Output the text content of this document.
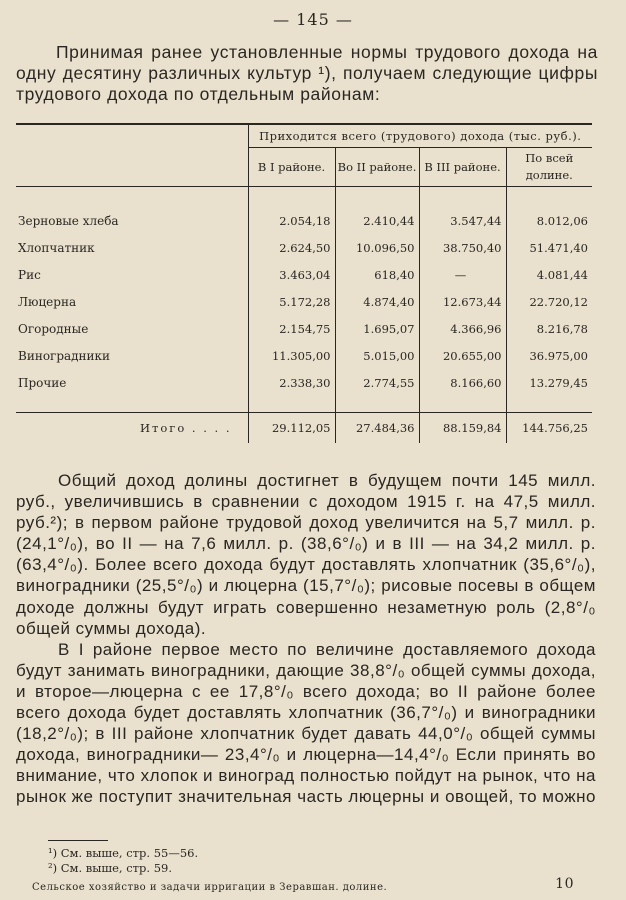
— 145 —

Принимая ранее установленные нормы трудового дохода на одну десятину различных культур ¹), получаем следующие цифры трудового дохода по отдельным районам:

	Приходится всего (трудового) дохода (тыс. руб.).			
	В I районе.	Во II районе.	В III районе.	По всей долине.

Зерновые хлеба	2.054,18	2.410,44	3.547,44	8.012,06
Хлопчатник	2.624,50	10.096,50	38.750,40	51.471,40
Рис	3.463,04	618,40	—	4.081,44
Люцерна	5.172,28	4.874,40	12.673,44	22.720,12
Огородные	2.154,75	1.695,07	4.366,96	8.216,78
Виноградники	11.305,00	5.015,00	20.655,00	36.975,00
Прочие	2.338,30	2.774,55	8.166,60	13.279,45

Итого . . . .	29.112,05	27.484,36	88.159,84	144.756,25

Общий доход долины достигнет в будущем почти 145 милл. руб., увеличившись в сравнении с доходом 1915 г. на 47,5 милл. руб.²); в первом районе трудовой доход увеличится на 5,7 милл. р. (24,1°/₀), во II — на 7,6 милл. р. (38,6°/₀) и в III — на 34,2 милл. р. (63,4°/₀). Более всего дохода будут доставлять хлопчатник (35,6°/₀), виноградники (25,5°/₀) и люцерна (15,7°/₀); рисовые посевы в общем доходе должны будут играть совершенно незаметную роль (2,8°/₀ общей суммы дохода).

В I районе первое место по величине доставляемого дохода будут занимать виноградники, дающие 38,8°/₀ общей суммы дохода, и второе—люцерна с ее 17,8°/₀ всего дохода; во II районе более всего дохода будет доставлять хлопчатник (36,7°/₀) и виноградники (18,2°/₀); в III районе хлопчатник будет давать 44,0°/₀ общей суммы дохода, виноградники— 23,4°/₀ и люцерна—14,4°/₀ Если принять во внимание, что хлопок и виноград полностью пойдут на рынок, что на рынок же поступит значительная часть люцерны и овощей, то можно

¹) См. выше, стр. 55—56.
²) См. выше, стр. 59.
Сельское хозяйство и задачи ирригации в Зеравшан. долине.	10
